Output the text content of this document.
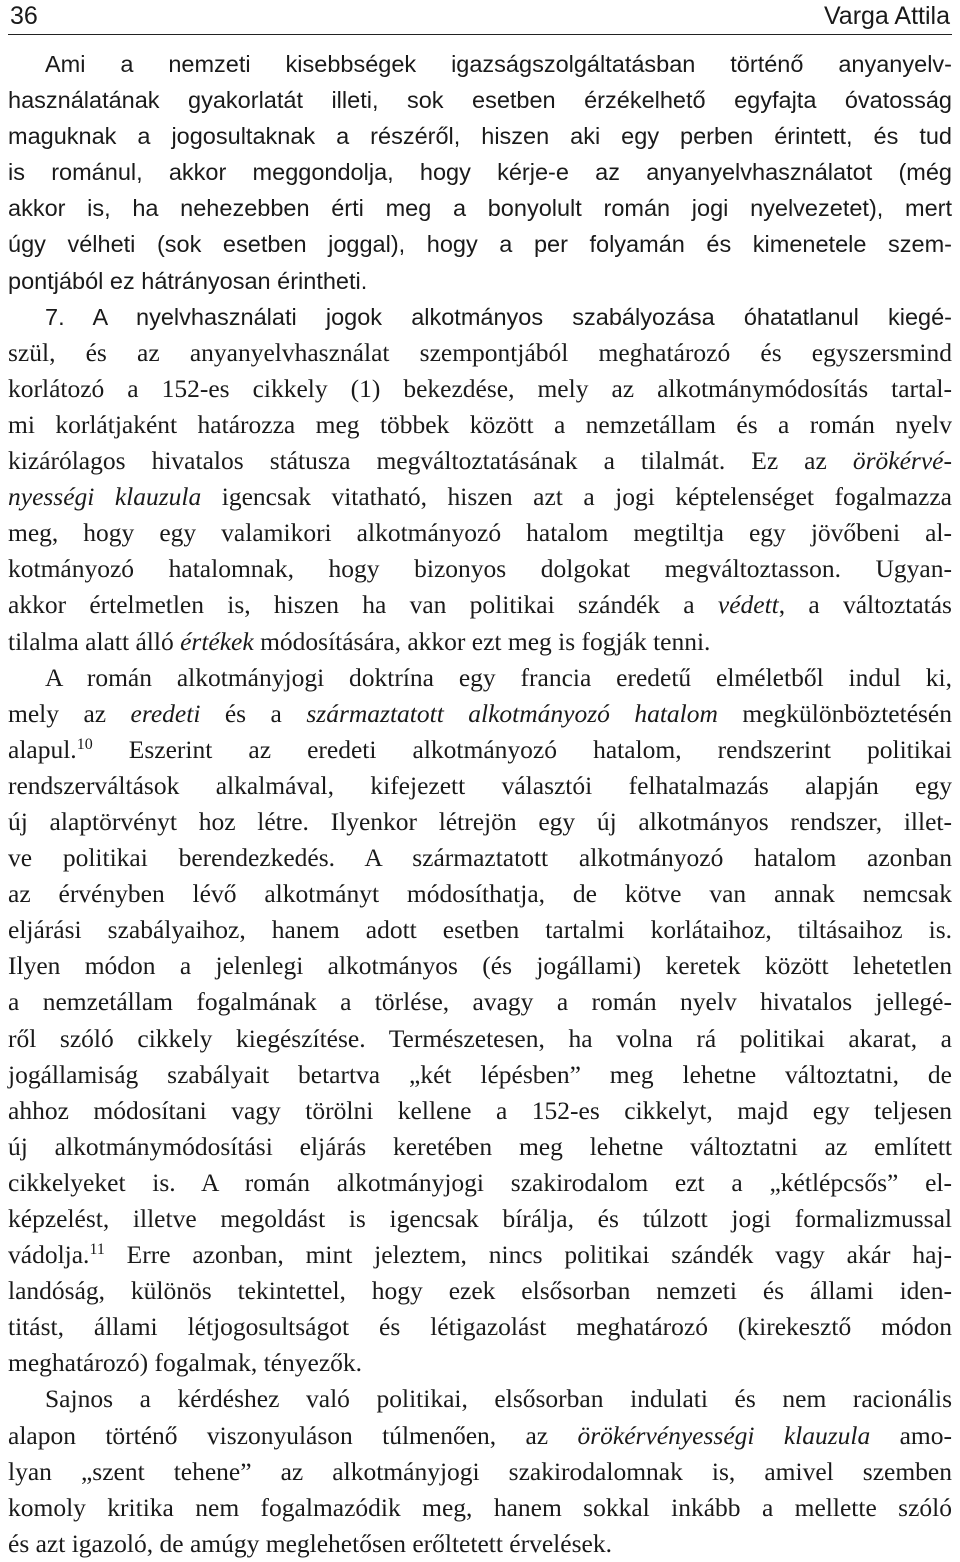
36	Varga Attila
Ami a nemzeti kisebbségek igazságszolgáltatásban történő anyanyelv-
használatának gyakorlatát illeti, sok esetben érzékelhető egyfajta óvatosság
maguknak a jogosultaknak a részéről, hiszen aki egy perben érintett, és tud
is románul, akkor meggondolja, hogy kérje-e az anyanyelvhasználatot (még
akkor is, ha nehezebben érti meg a bonyolult román jogi nyelvezetet), mert
úgy vélheti (sok esetben joggal), hogy a per folyamán és kimenetele szem-
pontjából ez hátrányosan érintheti.
7. A nyelvhasználati jogok alkotmányos szabályozása óhatatlanul kiegé-
szül, és az anyanyelvhasználat szempontjából meghatározó és egyszersmind
korlátozó a 152-es cikkely (1) bekezdése, mely az alkotmánymódosítás tartal-
mi korlátjaként határozza meg többek között a nemzetállam és a román nyelv
kizárólagos hivatalos státusza megváltoztatásának a tilalmát. Ez az örökérvé-
nyességi klauzula igencsak vitatható, hiszen azt a jogi képtelenséget fogalmazza
meg, hogy egy valamikori alkotmányozó hatalom megtiltja egy jövőbeni al-
kotmányozó hatalomnak, hogy bizonyos dolgokat megváltoztasson. Ugyan-
akkor értelmetlen is, hiszen ha van politikai szándék a védett, a változtatás
tilalma alatt álló értékek módosítására, akkor ezt meg is fogják tenni.
A román alkotmányjogi doktrína egy francia eredetű elméletből indul ki,
mely az eredeti és a származtatott alkotmányozó hatalom megkülönböztetésén
alapul.$^{10}$ Eszerint az eredeti alkotmányozó hatalom, rendszerint politikai
rendszerváltások alkalmával, kifejezett választói felhatalmazás alapján egy
új alaptörvényt hoz létre. Ilyenkor létrejön egy új alkotmányos rendszer, illet-
ve politikai berendezkedés. A származtatott alkotmányozó hatalom azonban
az érvényben lévő alkotmányt módosíthatja, de kötve van annak nemcsak
eljárási szabályaihoz, hanem adott esetben tartalmi korlátaihoz, tiltásaihoz is.
Ilyen módon a jelenlegi alkotmányos (és jogállami) keretek között lehetetlen
a nemzetállam fogalmának a törlése, avagy a román nyelv hivatalos jellegé-
ről szóló cikkely kiegészítése. Természetesen, ha volna rá politikai akarat, a
jogállamiság szabályait betartva „két lépésben” meg lehetne változtatni, de
ahhoz módosítani vagy törölni kellene a 152-es cikkelyt, majd egy teljesen
új alkotmánymódosítási eljárás keretében meg lehetne változtatni az említett
cikkelyeket is. A román alkotmányjogi szakirodalom ezt a „kétlépcsős” el-
képzelést, illetve megoldást is igencsak bírálja, és túlzott jogi formalizmussal
vádolja.$^{11}$ Erre azonban, mint jeleztem, nincs politikai szándék vagy akár haj-
landóság, különös tekintettel, hogy ezek elsősorban nemzeti és állami iden-
titást, állami létjogosultságot és létigazolást meghatározó (kirekesztő módon
meghatározó) fogalmak, tényezők.
Sajnos a kérdéshez való politikai, elsősorban indulati és nem racionális
alapon történő viszonyuláson túlmenően, az örökérvényességi klauzula amo-
lyan „szent tehene” az alkotmányjogi szakirodalomnak is, amivel szemben
komoly kritika nem fogalmazódik meg, hanem sokkal inkább a mellette szóló
és azt igazoló, de amúgy meglehetősen erőltetett érvelések.
